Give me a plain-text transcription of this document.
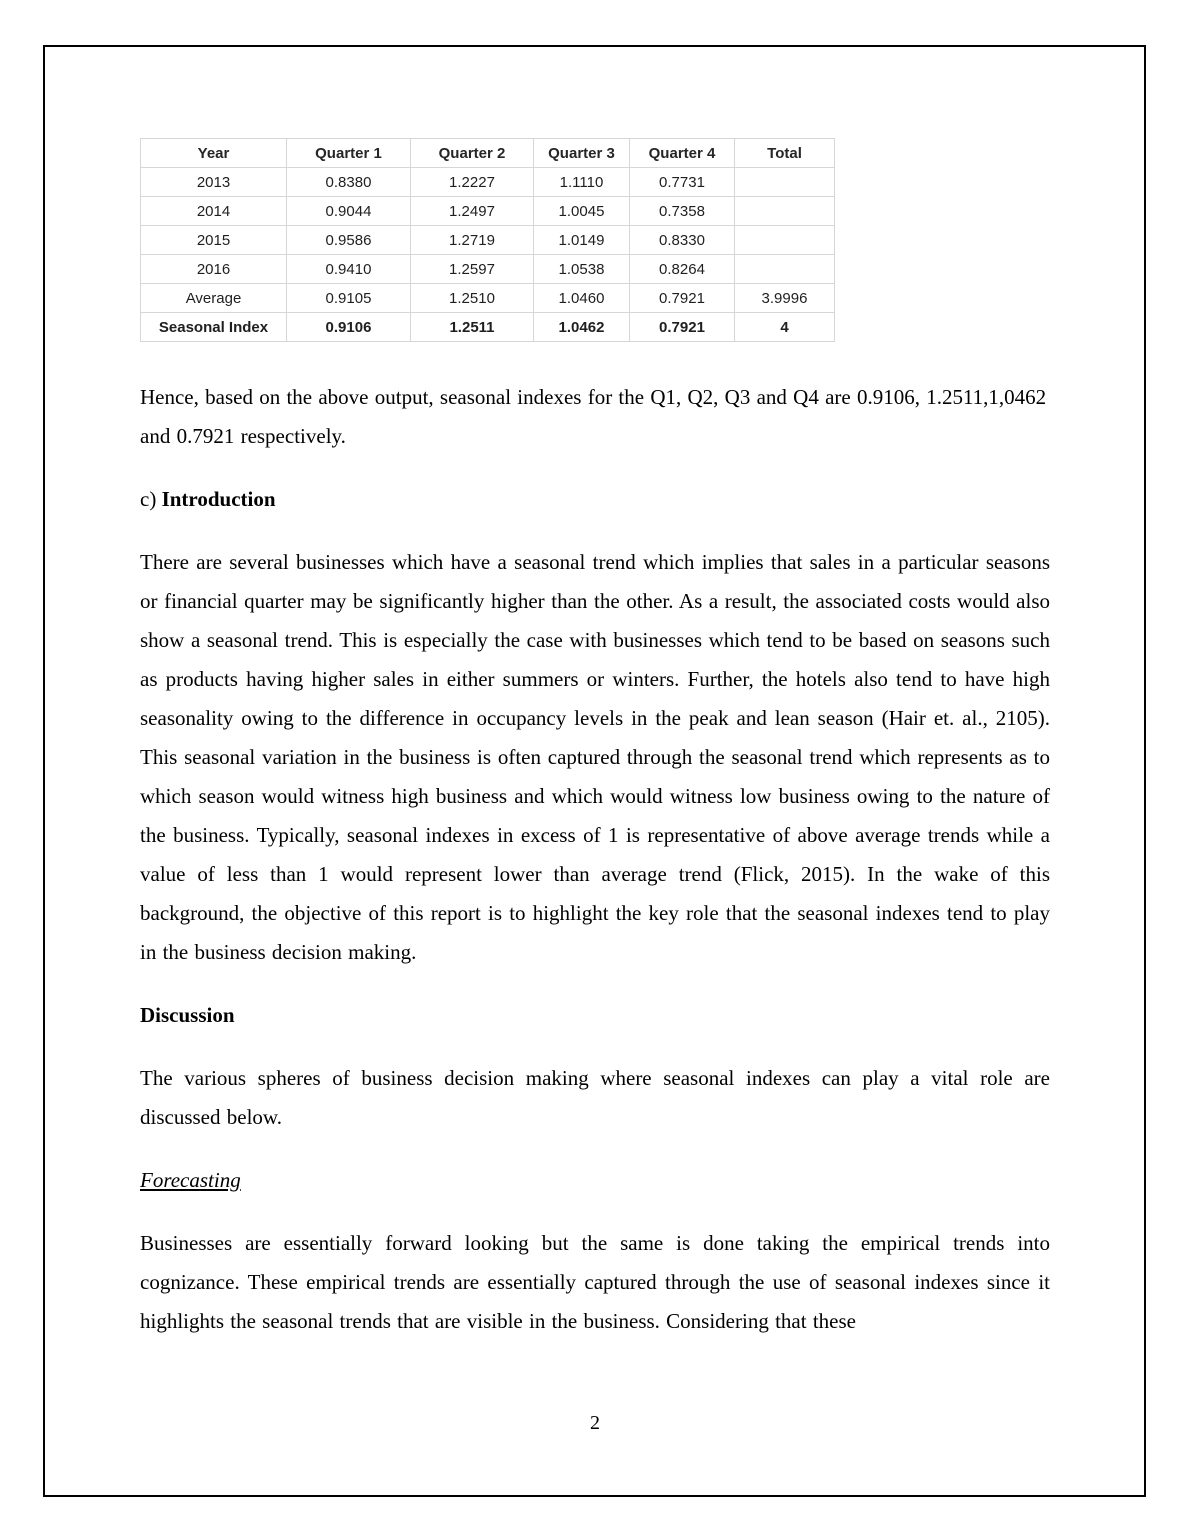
Year	Quarter 1	Quarter 2	Quarter 3	Quarter 4	Total
2013	0.8380	1.2227	1.1110	0.7731	
2014	0.9044	1.2497	1.0045	0.7358	
2015	0.9586	1.2719	1.0149	0.8330	
2016	0.9410	1.2597	1.0538	0.8264	
Average	0.9105	1.2510	1.0460	0.7921	3.9996
Seasonal Index	0.9106	1.2511	1.0462	0.7921	4

Hence, based on the above output, seasonal indexes for the Q1, Q2, Q3 and Q4 are 0.9106, 1.2511,1,0462 and 0.7921 respectively.

c) Introduction

There are several businesses which have a seasonal trend which implies that sales in a particular seasons or financial quarter may be significantly higher than the other. As a result, the associated costs would also show a seasonal trend. This is especially the case with businesses which tend to be based on seasons such as products having higher sales in either summers or winters. Further, the hotels also tend to have high seasonality owing to the difference in occupancy levels in the peak and lean season (Hair et. al., 2105). This seasonal variation in the business is often captured through the seasonal trend which represents as to which season would witness high business and which would witness low business owing to the nature of the business. Typically, seasonal indexes in excess of 1 is representative of above average trends while a value of less than 1 would represent lower than average trend (Flick, 2015). In the wake of this background, the objective of this report is to highlight the key role that the seasonal indexes tend to play in the business decision making.

Discussion

The various spheres of business decision making where seasonal indexes can play a vital role are discussed below.

Forecasting

Businesses are essentially forward looking but the same is done taking the empirical trends into cognizance. These empirical trends are essentially captured through the use of seasonal indexes since it highlights the seasonal trends that are visible in the business. Considering that these

2
